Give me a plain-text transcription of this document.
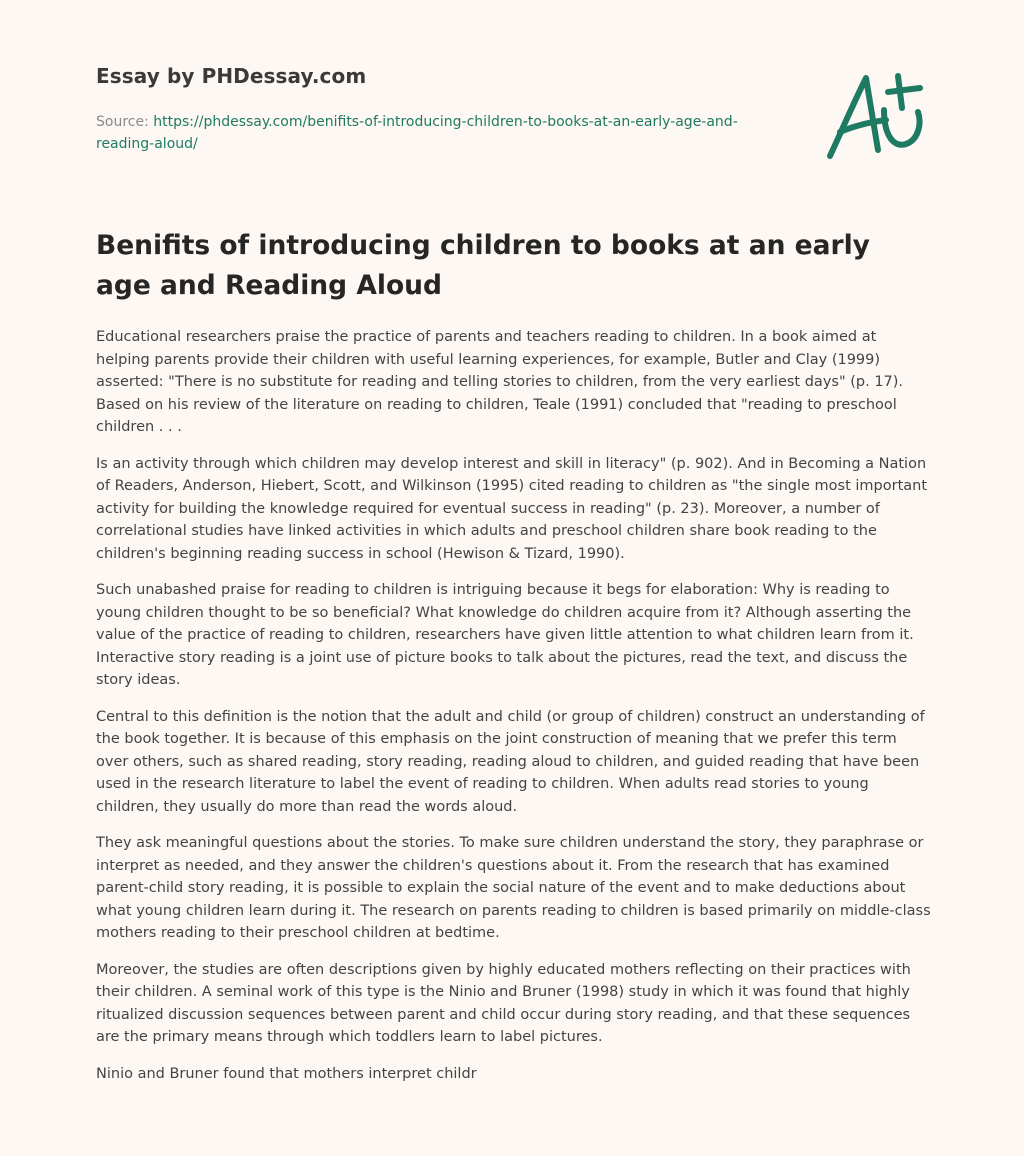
Essay by PHDessay.com
Source: https://phdessay.com/benifits-of-introducing-children-to-books-at-an-early-age-and-reading-aloud/
Benifits of introducing children to books at an early age and Reading Aloud

Educational researchers praise the practice of parents and teachers reading to children. In a book aimed at helping parents provide their children with useful learning experiences, for example, Butler and Clay (1999) asserted: "There is no substitute for reading and telling stories to children, from the very earliest days" (p. 17). Based on his review of the literature on reading to children, Teale (1991) concluded that "reading to preschool children . . .

Is an activity through which children may develop interest and skill in literacy" (p. 902). And in Becoming a Nation of Readers, Anderson, Hiebert, Scott, and Wilkinson (1995) cited reading to children as "the single most important activity for building the knowledge required for eventual success in reading" (p. 23). Moreover, a number of correlational studies have linked activities in which adults and preschool children share book reading to the children's beginning reading success in school (Hewison & Tizard, 1990).

Such unabashed praise for reading to children is intriguing because it begs for elaboration: Why is reading to young children thought to be so beneficial? What knowledge do children acquire from it? Although asserting the value of the practice of reading to children, researchers have given little attention to what children learn from it. Interactive story reading is a joint use of picture books to talk about the pictures, read the text, and discuss the story ideas.

Central to this definition is the notion that the adult and child (or group of children) construct an understanding of the book together. It is because of this emphasis on the joint construction of meaning that we prefer this term over others, such as shared reading, story reading, reading aloud to children, and guided reading that have been used in the research literature to label the event of reading to children. When adults read stories to young children, they usually do more than read the words aloud.

They ask meaningful questions about the stories. To make sure children understand the story, they paraphrase or interpret as needed, and they answer the children's questions about it. From the research that has examined parent-child story reading, it is possible to explain the social nature of the event and to make deductions about what young children learn during it. The research on parents reading to children is based primarily on middle-class mothers reading to their preschool children at bedtime.

Moreover, the studies are often descriptions given by highly educated mothers reflecting on their practices with their children. A seminal work of this type is the Ninio and Bruner (1998) study in which it was found that highly ritualized discussion sequences between parent and child occur during story reading, and that these sequences are the primary means through which toddlers learn to label pictures.

Ninio and Bruner found that mothers interpret childr
